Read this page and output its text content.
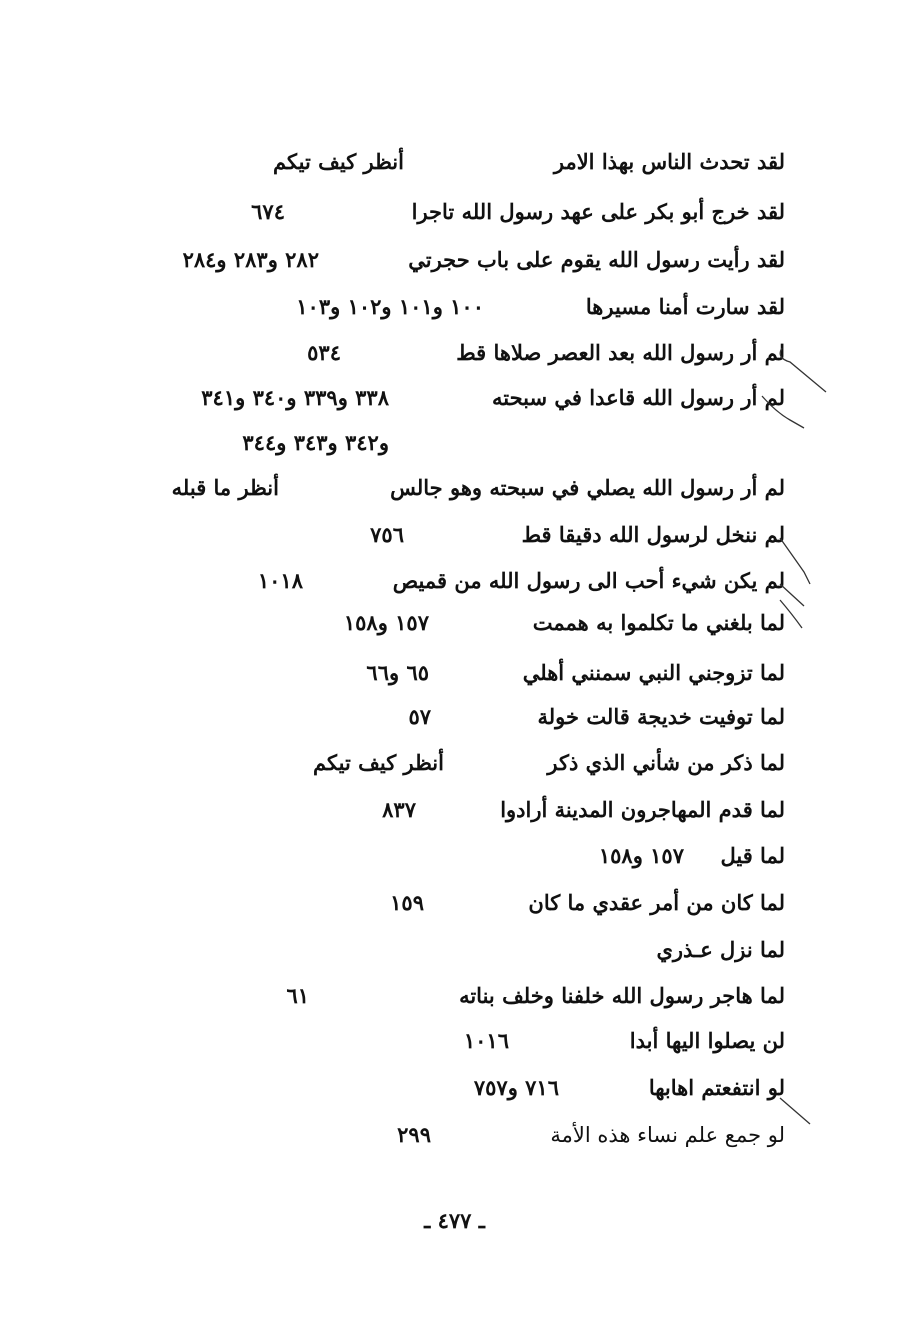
لقد تحدث الناس بهذا الامر
أنظر كيف تيكم
لقد خرج أبو بكر على عهد رسول الله تاجرا
٦٧٤
لقد رأيت رسول الله يقوم على باب حجرتي
٢٨٢ و٢٨٣ و٢٨٤
لقد سارت أمنا مسيرها
١٠٠ و١٠١ و١٠٢ و١٠٣
لم أر رسول الله بعد العصر صلاها قط
٥٣٤
لم أر رسول الله قاعدا في سبحته
٣٣٨ و٣٣٩ و٣٤٠ و٣٤١
و٣٤٢ و٣٤٣ و٣٤٤
لم أر رسول الله يصلي في سبحته وهو جالس
أنظر ما قبله
لم ننخل لرسول الله دقيقا قط
٧٥٦
لم يكن شيء أحب الى رسول الله من قميص
١٠١٨
لما بلغني ما تكلموا به هممت
١٥٧ و١٥٨
لما تزوجني النبي سمنني أهلي
٦٥ و٦٦
لما توفيت خديجة قالت خولة
٥٧
لما ذكر من شأني الذي ذكر
أنظر كيف تيكم
لما قدم المهاجرون المدينة أرادوا
٨٣٧
لما قيل
١٥٧ و١٥٨
لما كان من أمر عقدي ما كان
١٥٩
لما نزل عـذري
لما هاجر رسول الله خلفنا وخلف بناته
٦١
لن يصلوا اليها أبدا
١٠١٦
لو انتفعتم اهابها
٧١٦ و٧٥٧
لو جمع علم نساء هذه الأمة
٢٩٩
ـ ٤٧٧ ـ
